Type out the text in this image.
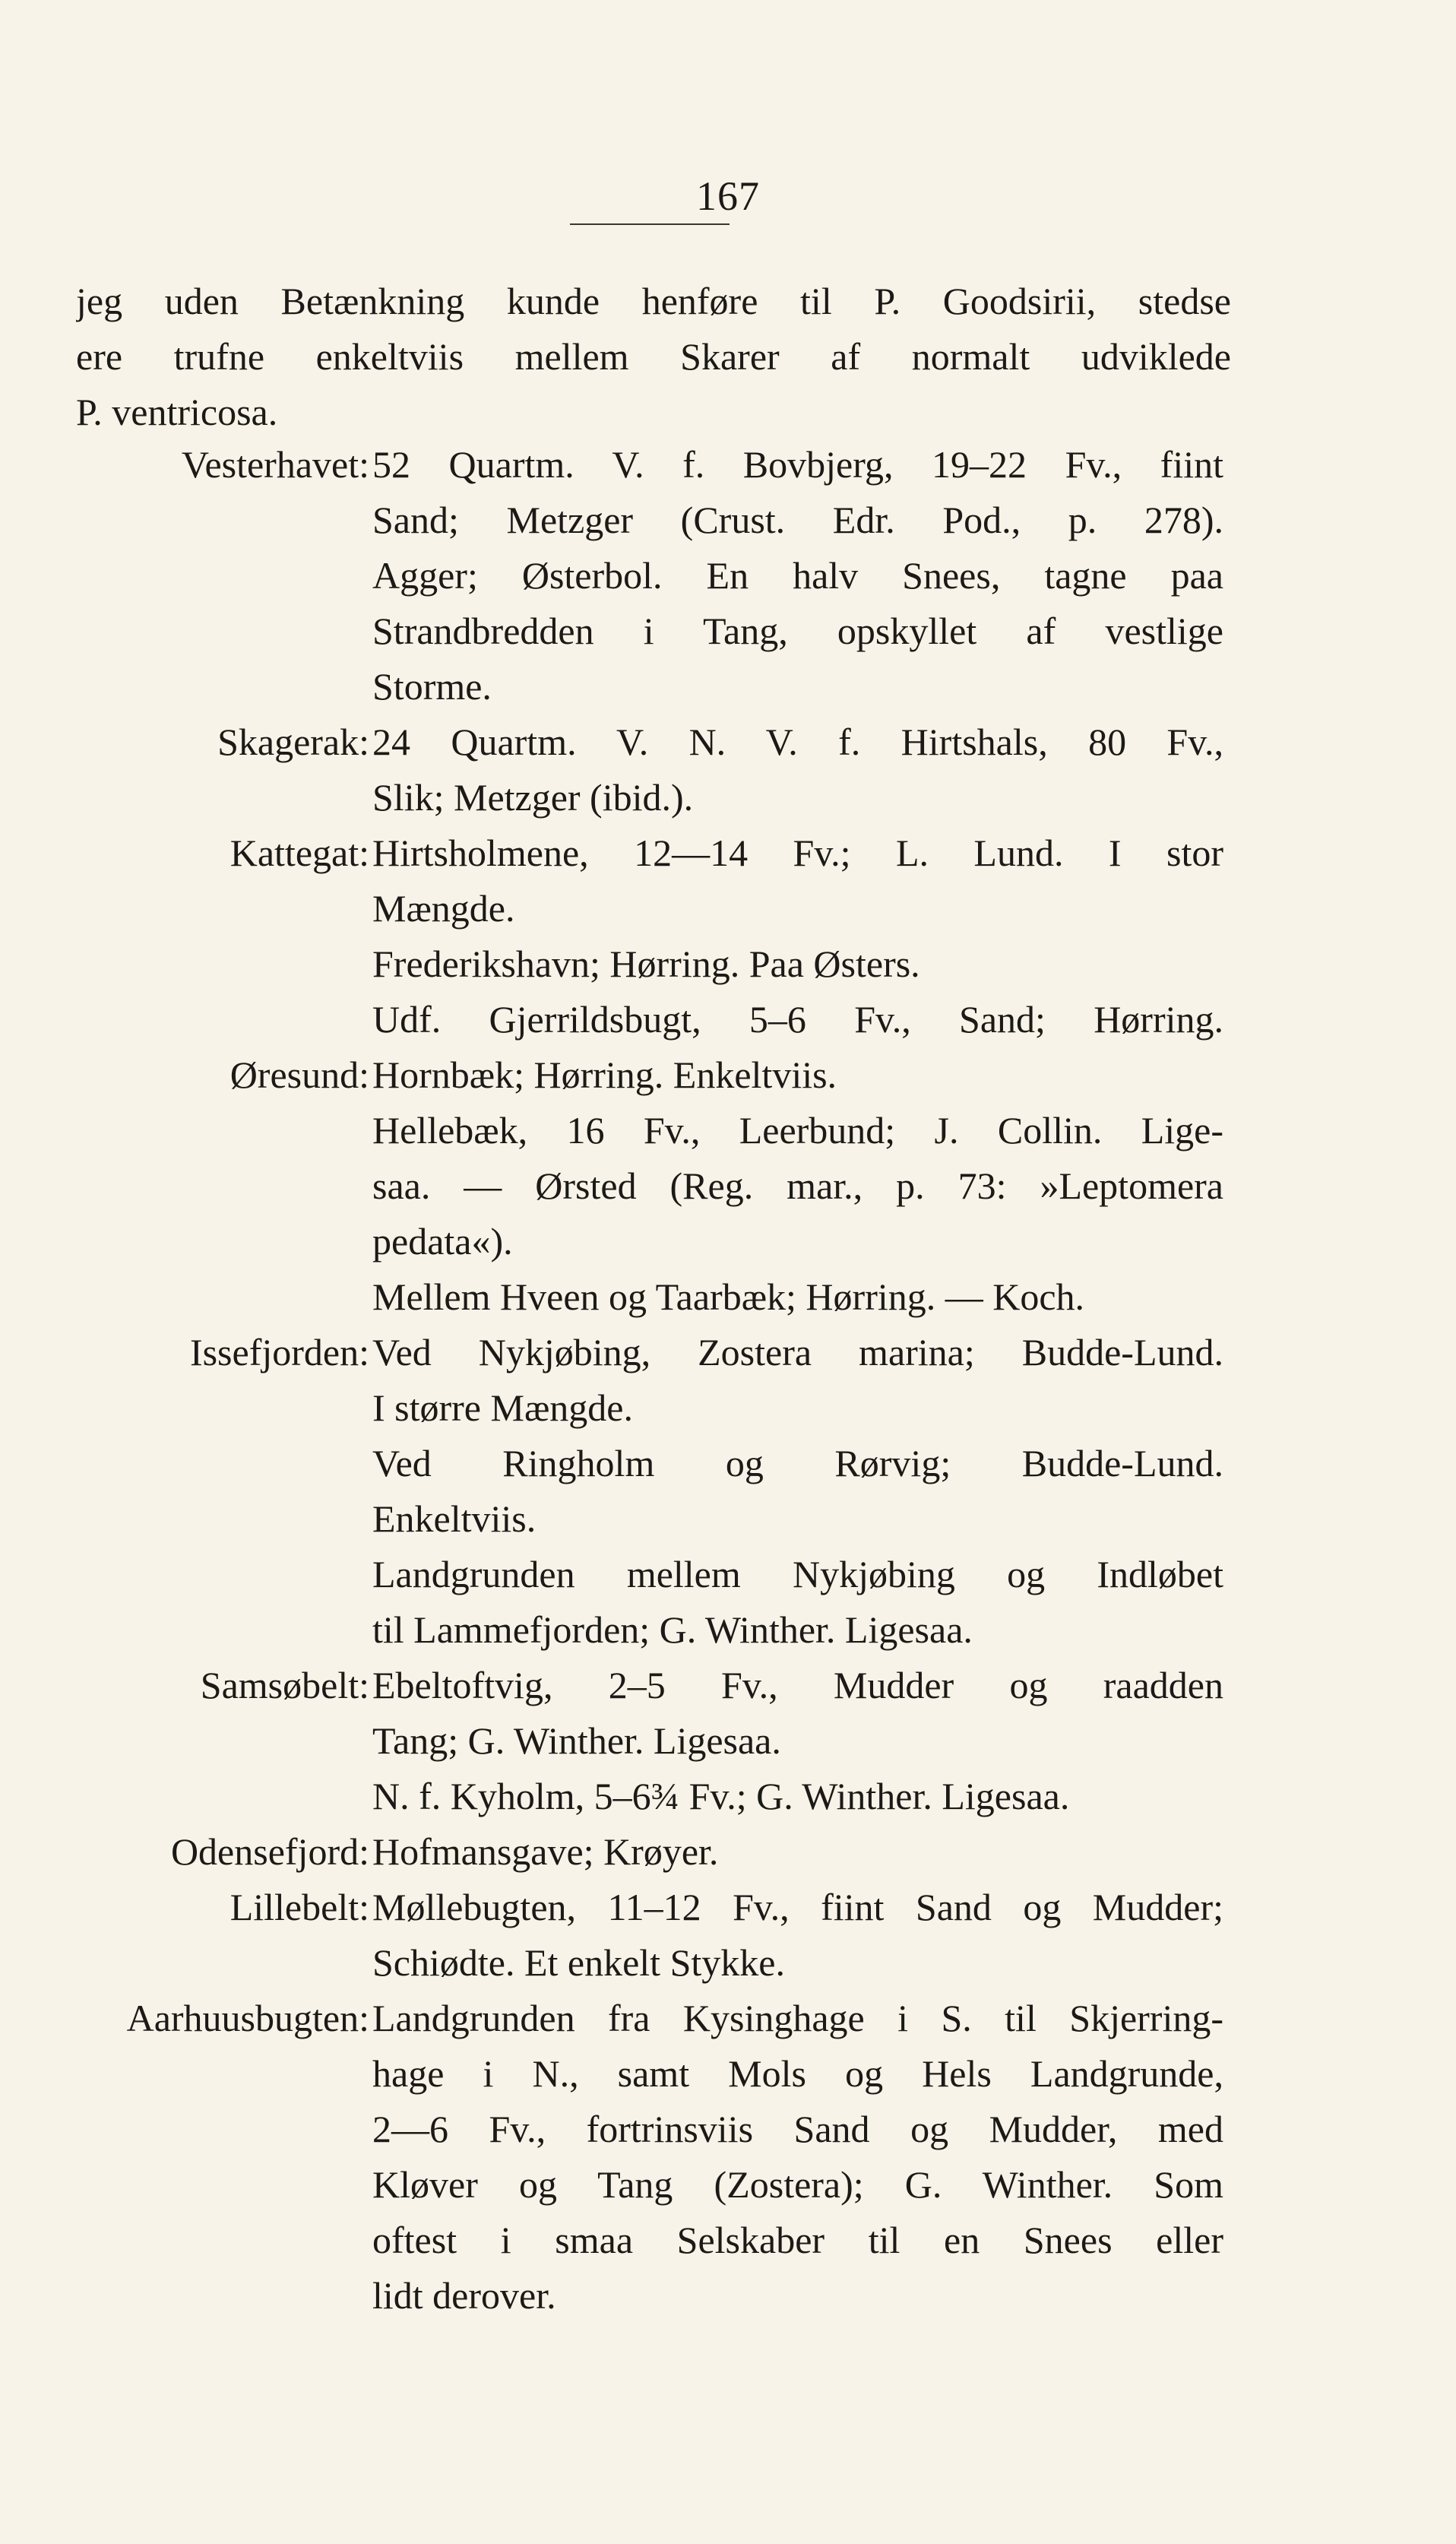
167

jeg uden Betænkning kunde henføre til P. Goodsirii, stedse
ere trufne enkeltviis mellem Skarer af normalt udviklede
P. ventricosa.

Vesterhavet: 52 Quartm. V. f. Bovbjerg, 19–22 Fv., fiint
Sand; Metzger (Crust. Edr. Pod., p. 278).
Agger; Østerbol. En halv Snees, tagne paa
Strandbredden i Tang, opskyllet af vestlige
Storme.
Skagerak: 24 Quartm. V. N. V. f. Hirtshals, 80 Fv.,
Slik; Metzger (ibid.).
Kattegat: Hirtsholmene, 12—14 Fv.; L. Lund. I stor
Mængde.
Frederikshavn; Hørring. Paa Østers.
Udf. Gjerrildsbugt, 5–6 Fv., Sand; Hørring.
Øresund: Hornbæk; Hørring. Enkeltviis.
Hellebæk, 16 Fv., Leerbund; J. Collin. Lige-
saa. — Ørsted (Reg. mar., p. 73: »Leptomera
pedata«).
Mellem Hveen og Taarbæk; Hørring. — Koch.
Issefjorden: Ved Nykjøbing, Zostera marina; Budde-Lund.
I større Mængde.
Ved Ringholm og Rørvig; Budde-Lund.
Enkeltviis.
Landgrunden mellem Nykjøbing og Indløbet
til Lammefjorden; G. Winther. Ligesaa.
Samsøbelt: Ebeltoftvig, 2–5 Fv., Mudder og raadden
Tang; G. Winther. Ligesaa.
N. f. Kyholm, 5–6¾ Fv.; G. Winther. Ligesaa.
Odensefjord: Hofmansgave; Krøyer.
Lillebelt: Møllebugten, 11–12 Fv., fiint Sand og Mudder;
Schiødte. Et enkelt Stykke.
Aarhuusbugten: Landgrunden fra Kysinghage i S. til Skjerring-
hage i N., samt Mols og Hels Landgrunde,
2—6 Fv., fortrinsviis Sand og Mudder, med
Kløver og Tang (Zostera); G. Winther. Som
oftest i smaa Selskaber til en Snees eller
lidt derover.
